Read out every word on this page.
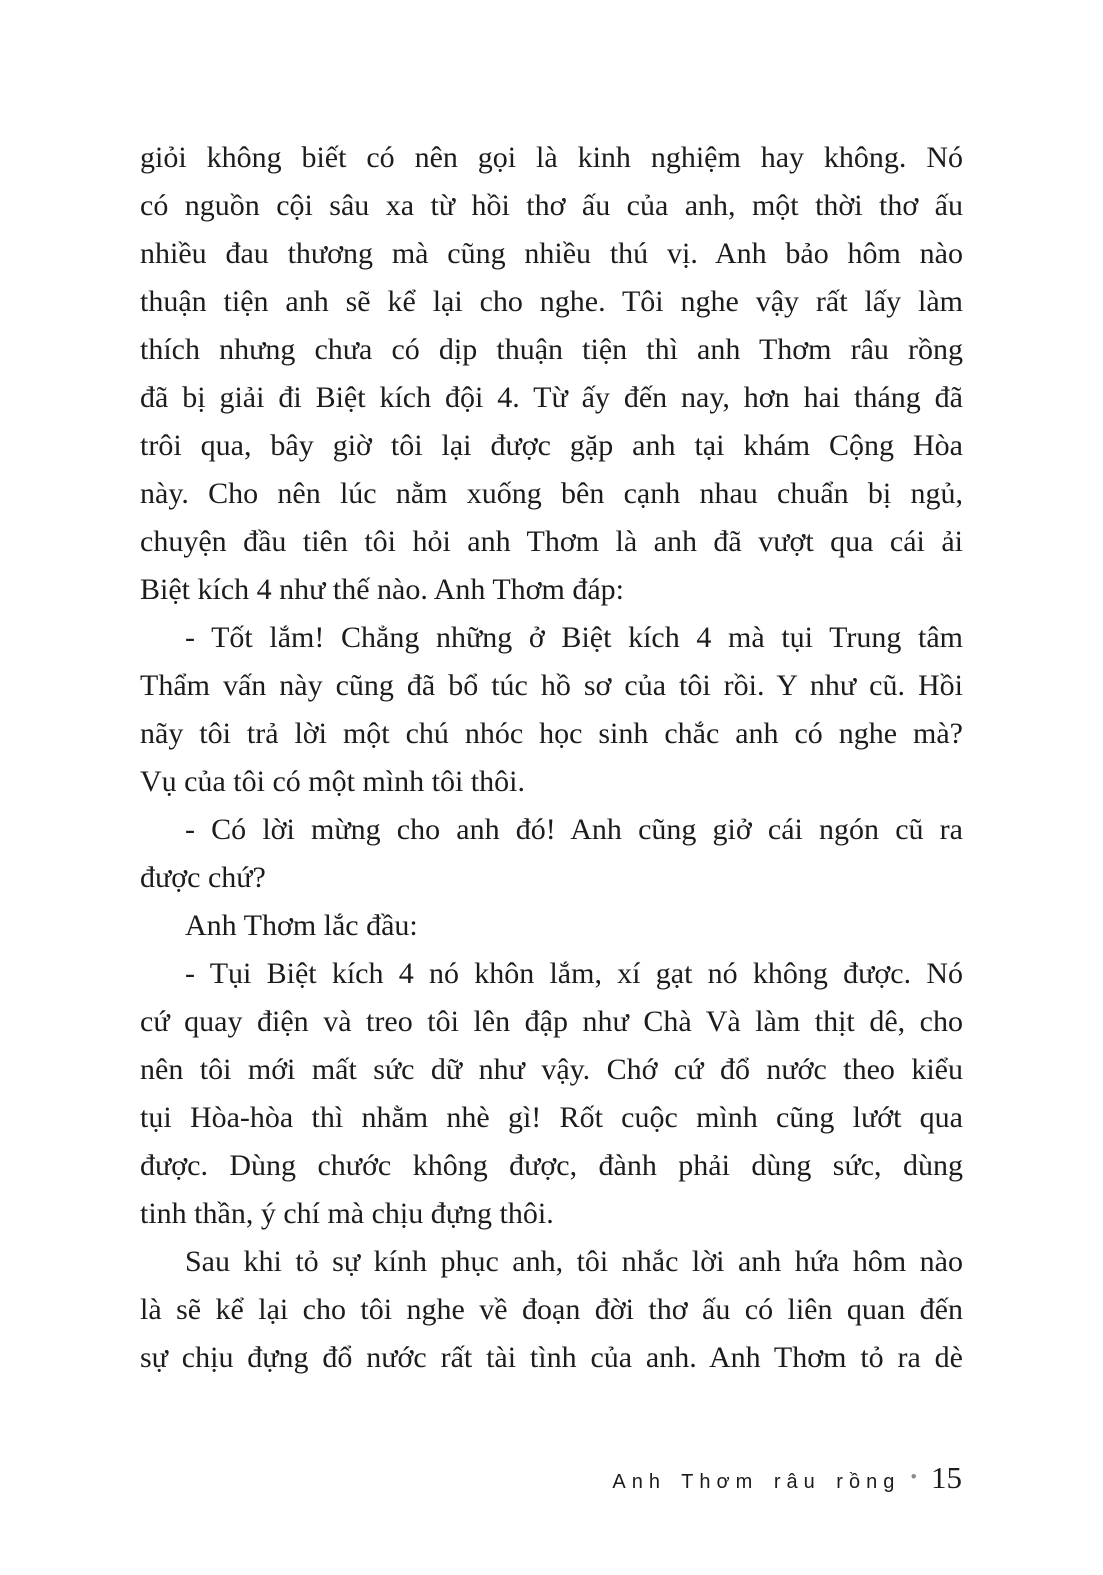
giỏi không biết có nên gọi là kinh nghiệm hay không. Nó
có nguồn cội sâu xa từ hồi thơ ấu của anh, một thời thơ ấu
nhiều đau thương mà cũng nhiều thú vị. Anh bảo hôm nào
thuận tiện anh sẽ kể lại cho nghe. Tôi nghe vậy rất lấy làm
thích nhưng chưa có dịp thuận tiện thì anh Thơm râu rồng
đã bị giải đi Biệt kích đội 4. Từ ấy đến nay, hơn hai tháng đã
trôi qua, bây giờ tôi lại được gặp anh tại khám Cộng Hòa
này. Cho nên lúc nằm xuống bên cạnh nhau chuẩn bị ngủ,
chuyện đầu tiên tôi hỏi anh Thơm là anh đã vượt qua cái ải
Biệt kích 4 như thế nào. Anh Thơm đáp:
- Tốt lắm! Chẳng những ở Biệt kích 4 mà tụi Trung tâm
Thẩm vấn này cũng đã bổ túc hồ sơ của tôi rồi. Y như cũ. Hồi
nãy tôi trả lời một chú nhóc học sinh chắc anh có nghe mà?
Vụ của tôi có một mình tôi thôi.
- Có lời mừng cho anh đó! Anh cũng giở cái ngón cũ ra
được chứ?
Anh Thơm lắc đầu:
- Tụi Biệt kích 4 nó khôn lắm, xí gạt nó không được. Nó
cứ quay điện và treo tôi lên đập như Chà Và làm thịt dê, cho
nên tôi mới mất sức dữ như vậy. Chớ cứ đổ nước theo kiểu
tụi Hòa-hòa thì nhằm nhè gì! Rốt cuộc mình cũng lướt qua
được. Dùng chước không được, đành phải dùng sức, dùng
tinh thần, ý chí mà chịu đựng thôi.
Sau khi tỏ sự kính phục anh, tôi nhắc lời anh hứa hôm nào
là sẽ kể lại cho tôi nghe về đoạn đời thơ ấu có liên quan đến
sự chịu đựng đổ nước rất tài tình của anh. Anh Thơm tỏ ra dè
Anh Thơm râu rồng • 15
